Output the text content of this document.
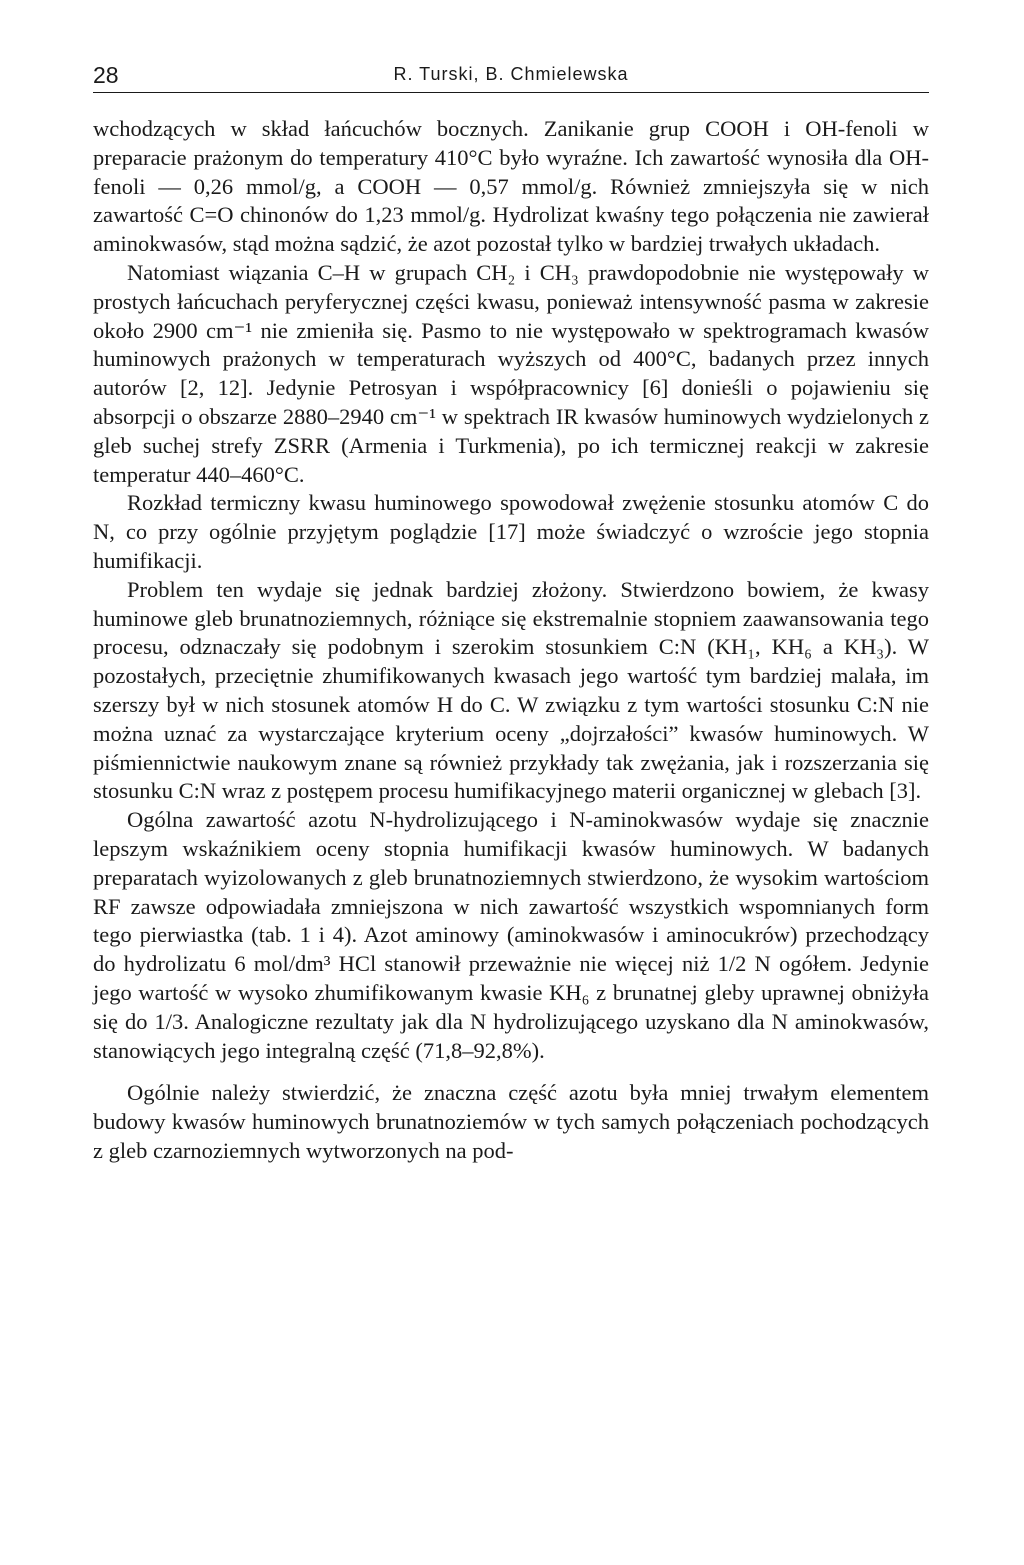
28	R. Turski, B. Chmielewska

wchodzących w skład łańcuchów bocznych. Zanikanie grup COOH i OH-fenoli w preparacie prażonym do temperatury 410°C było wyraźne. Ich zawartość wynosiła dla OH-fenoli — 0,26 mmol/g, a COOH — 0,57 mmol/g. Również zmniejszyła się w nich zawartość C=O chinonów do 1,23 mmol/g. Hydrolizat kwaśny tego połączenia nie zawierał aminokwasów, stąd można sądzić, że azot pozostał tylko w bardziej trwałych układach.

Natomiast wiązania C–H w grupach CH₂ i CH₃ prawdopodobnie nie występowały w prostych łańcuchach peryferycznej części kwasu, ponieważ intensywność pasma w zakresie około 2900 cm⁻¹ nie zmieniła się. Pasmo to nie występowało w spektrogramach kwasów huminowych prażonych w temperaturach wyższych od 400°C, badanych przez innych autorów [2, 12]. Jedynie Petrosyan i współpracownicy [6] donieśli o pojawieniu się absorpcji o obszarze 2880–2940 cm⁻¹ w spektrach IR kwasów huminowych wydzielonych z gleb suchej strefy ZSRR (Armenia i Turkmenia), po ich termicznej reakcji w zakresie temperatur 440–460°C.

Rozkład termiczny kwasu huminowego spowodował zwężenie stosunku atomów C do N, co przy ogólnie przyjętym poglądzie [17] może świadczyć o wzroście jego stopnia humifikacji.

Problem ten wydaje się jednak bardziej złożony. Stwierdzono bowiem, że kwasy huminowe gleb brunatnoziemnych, różniące się ekstremalnie stopniem zaawansowania tego procesu, odznaczały się podobnym i szerokim stosunkiem C:N (KH₁, KH₆ a KH₃). W pozostałych, przeciętnie zhumifikowanych kwasach jego wartość tym bardziej malała, im szerszy był w nich stosunek atomów H do C. W związku z tym wartości stosunku C:N nie można uznać za wystarczające kryterium oceny „dojrzałości” kwasów huminowych. W piśmiennictwie naukowym znane są również przykłady tak zwężania, jak i rozszerzania się stosunku C:N wraz z postępem procesu humifikacyjnego materii organicznej w glebach [3].

Ogólna zawartość azotu N-hydrolizującego i N-aminokwasów wydaje się znacznie lepszym wskaźnikiem oceny stopnia humifikacji kwasów huminowych. W badanych preparatach wyizolowanych z gleb brunatnoziemnych stwierdzono, że wysokim wartościom RF zawsze odpowiadała zmniejszona w nich zawartość wszystkich wspomnianych form tego pierwiastka (tab. 1 i 4). Azot aminowy (aminokwasów i aminocukrów) przechodzący do hydrolizatu 6 mol/dm³ HCl stanowił przeważnie nie więcej niż 1/2 N ogółem. Jedynie jego wartość w wysoko zhumifikowanym kwasie KH₆ z brunatnej gleby uprawnej obniżyła się do 1/3. Analogiczne rezultaty jak dla N hydrolizującego uzyskano dla N aminokwasów, stanowiących jego integralną część (71,8–92,8%).

Ogólnie należy stwierdzić, że znaczna część azotu była mniej trwałym elementem budowy kwasów huminowych brunatnoziemów w tych samych połączeniach pochodzących z gleb czarnoziemnych wytworzonych na pod-
